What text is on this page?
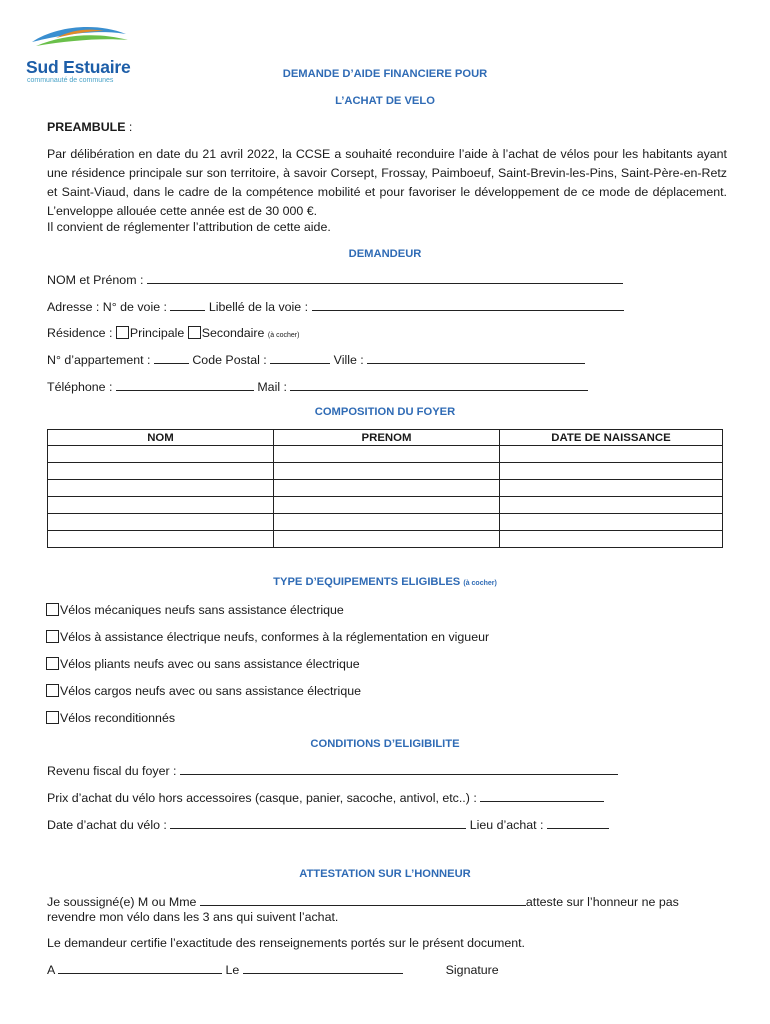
Sud Estuaire
communauté de communes
DEMANDE D’AIDE FINANCIERE POUR
L’ACHAT DE VELO
PREAMBULE :
Par délibération en date du 21 avril 2022, la CCSE a souhaité reconduire l’aide à l’achat de vélos pour les habitants ayant une résidence principale sur son territoire, à savoir Corsept, Frossay, Paimboeuf, Saint-Brevin-les-Pins, Saint-Père-en-Retz et Saint-Viaud, dans le cadre de la compétence mobilité et pour favoriser le développement de ce mode de déplacement. L’enveloppe allouée cette année est de 30 000 €.
Il convient de réglementer l’attribution de cette aide.
DEMANDEUR
NOM et Prénom :
Adresse : N° de voie :	Libellé de la voie :
Résidence : Principale Secondaire (à cocher)
N° d’appartement :	Code Postal :	Ville :
Téléphone :	Mail :
COMPOSITION DU FOYER
NOM	PRENOM	DATE DE NAISSANCE

TYPE D’EQUIPEMENTS ELIGIBLES (à cocher)
Vélos mécaniques neufs sans assistance électrique
Vélos à assistance électrique neufs, conformes à la réglementation en vigueur
Vélos pliants neufs avec ou sans assistance électrique
Vélos cargos neufs avec ou sans assistance électrique
Vélos reconditionnés
CONDITIONS D’ELIGIBILITE
Revenu fiscal du foyer :
Prix d’achat du vélo hors accessoires (casque, panier, sacoche, antivol, etc..) :
Date d’achat du vélo :	Lieu d’achat :
ATTESTATION SUR L’HONNEUR
Je soussigné(e) M ou Mme	atteste sur l’honneur ne pas
revendre mon vélo dans les 3 ans qui suivent l’achat.
Le demandeur certifie l’exactitude des renseignements portés sur le présent document.
A	Le	Signature
